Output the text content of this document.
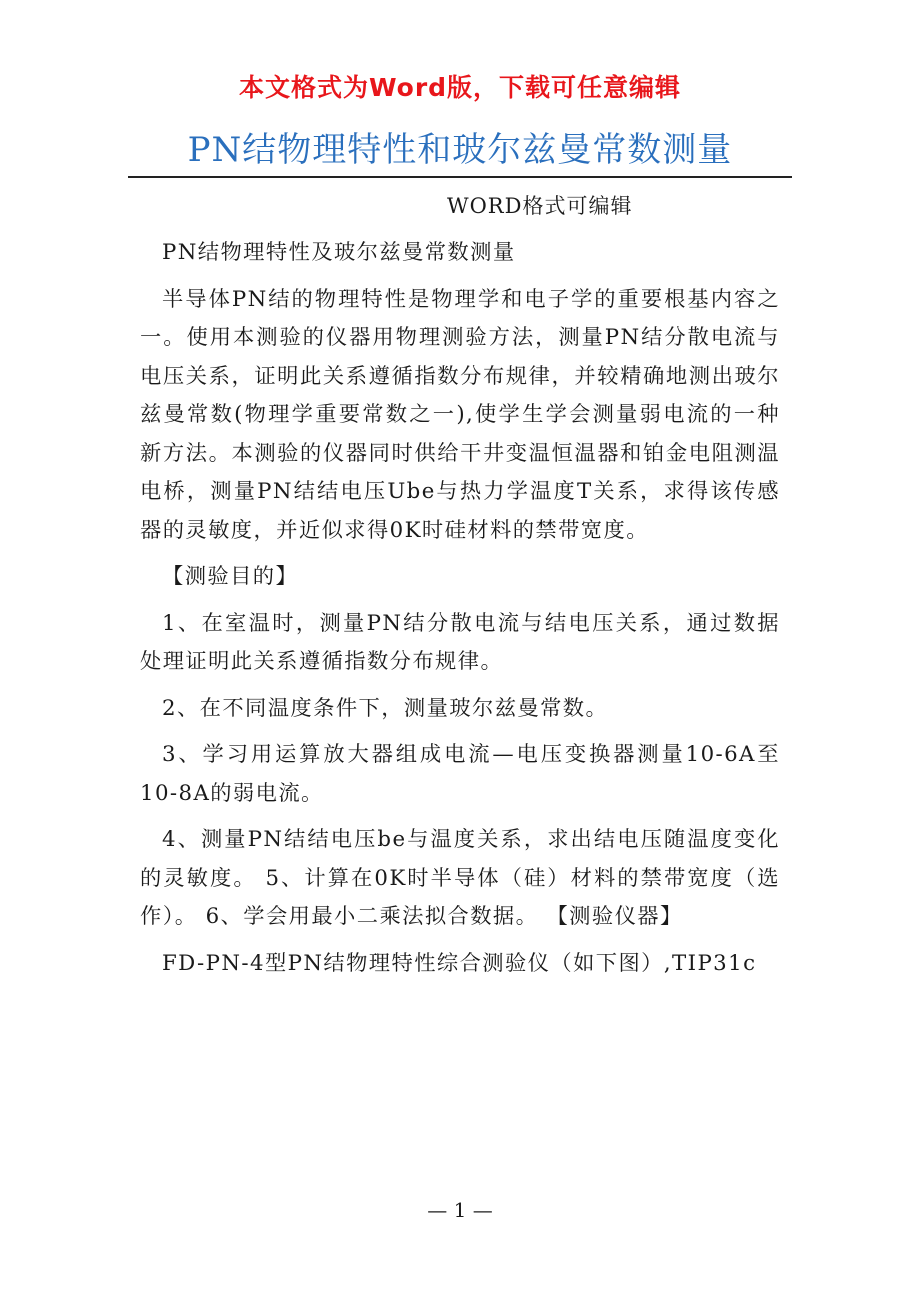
本文格式为Word版，下载可任意编辑
PN结物理特性和玻尔兹曼常数测量
WORD格式可编辑

PN结物理特性及玻尔兹曼常数测量

半导体PN结的物理特性是物理学和电子学的重要根基内容之一。使用本测验的仪器用物理测验方法，测量PN结分散电流与电压关系，证明此关系遵循指数分布规律，并较精确地测出玻尔兹曼常数(物理学重要常数之一),使学生学会测量弱电流的一种新方法。本测验的仪器同时供给干井变温恒温器和铂金电阻测温电桥，测量PN结结电压Ube与热力学温度T关系，求得该传感器的灵敏度，并近似求得0K时硅材料的禁带宽度。

【测验目的】

1、在室温时，测量PN结分散电流与结电压关系，通过数据处理证明此关系遵循指数分布规律。

2、在不同温度条件下，测量玻尔兹曼常数。

3、学习用运算放大器组成电流—电压变换器测量10-6A至10-8A的弱电流。

4、测量PN结结电压be与温度关系，求出结电压随温度变化的灵敏度。 5、计算在0K时半导体（硅）材料的禁带宽度（选作）。 6、学会用最小二乘法拟合数据。 【测验仪器】

FD-PN-4型PN结物理特性综合测验仪（如下图）,TIP31c

— 1 —
